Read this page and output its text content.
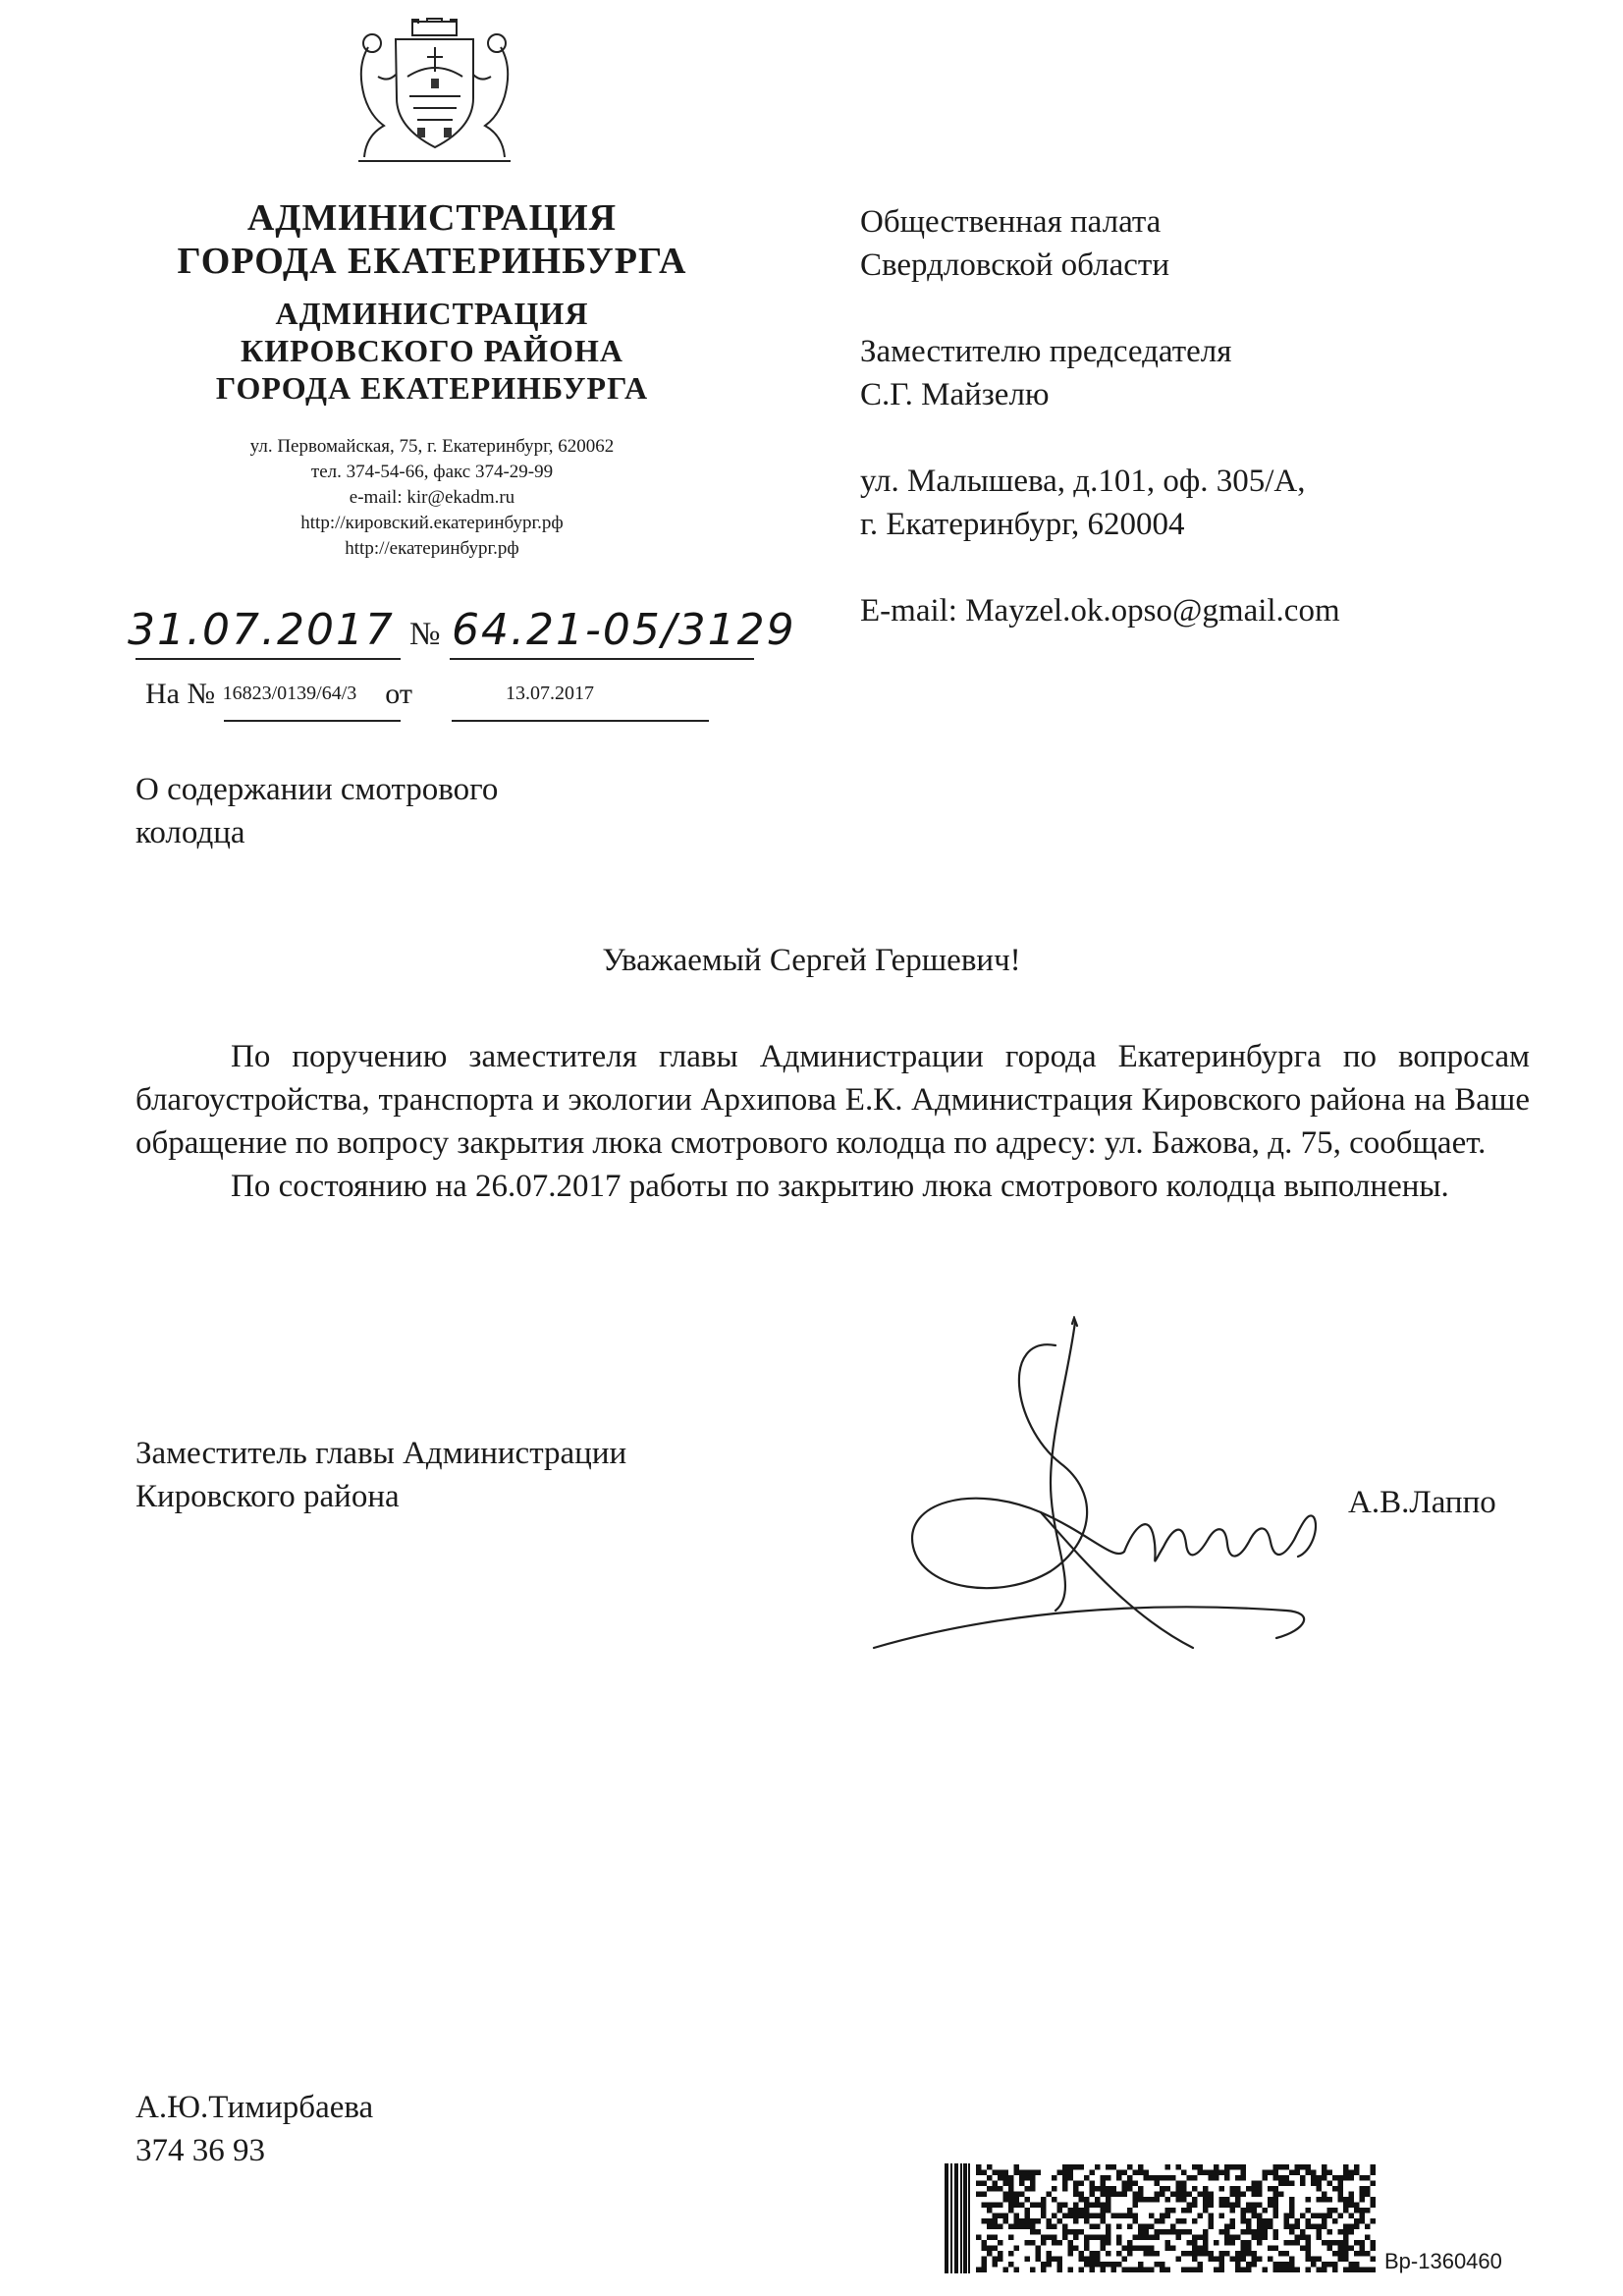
АДМИНИСТРАЦИЯ
ГОРОДА ЕКАТЕРИНБУРГА
АДМИНИСТРАЦИЯ
КИРОВСКОГО РАЙОНА
ГОРОДА ЕКАТЕРИНБУРГА
ул. Первомайская, 75, г. Екатеринбург, 620062
тел. 374-54-66, факс 374-29-99
e-mail: kir@ekadm.ru
http://кировский.екатеринбург.рф
http://екатеринбург.рф
Общественная палата
Свердловской области
Заместителю председателя
С.Г. Майзелю
ул. Малышева, д.101, оф. 305/А,
г. Екатеринбург, 620004
E-mail: Mayzel.ok.opso@gmail.com
31.07.2017 № 64.21-05/3129
На № 16823/0139/64/3 от	13.07.2017
О содержании смотрового
колодца
Уважаемый Сергей Гершевич!

По поручению заместителя главы Администрации города Екатеринбурга по вопросам благоустройства, транспорта и экологии Архипова Е.К. Администрация Кировского района на Ваше обращение по вопросу закрытия люка смотрового колодца по адресу: ул. Бажова, д. 75, сообщает.

По состоянию на 26.07.2017 работы по закрытию люка смотрового колодца выполнены.

Заместитель главы Администрации
Кировского района	А.В.Лаппо
А.Ю.Тимирбаева
374 36 93
Вр-1360460
